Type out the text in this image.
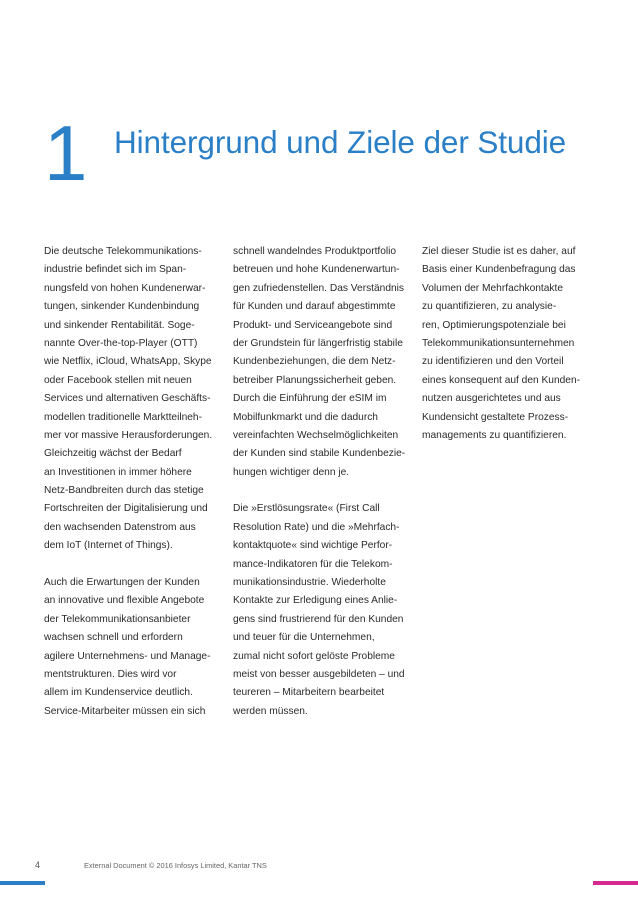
1 Hintergrund und Ziele der Studie
Die deutsche Telekommunikations-
industrie befindet sich im Span-
nungsfeld von hohen Kundenerwar-
tungen, sinkender Kundenbindung
und sinkender Rentabilität. Soge-
nannte Over-the-top-Player (OTT)
wie Netflix, iCloud, WhatsApp, Skype
oder Facebook stellen mit neuen
Services und alternativen Geschäfts-
modellen traditionelle Marktteilneh-
mer vor massive Herausforderungen.
Gleichzeitig wächst der Bedarf
an Investitionen in immer höhere
Netz-Bandbreiten durch das stetige
Fortschreiten der Digitalisierung und
den wachsenden Datenstrom aus
dem IoT (Internet of Things).
Auch die Erwartungen der Kunden
an innovative und flexible Angebote
der Telekommunikationsanbieter
wachsen schnell und erfordern
agilere Unternehmens- und Manage-
mentstrukturen. Dies wird vor
allem im Kundenservice deutlich.
Service-Mitarbeiter müssen ein sich
schnell wandelndes Produktportfolio
betreuen und hohe Kundenerwartun-
gen zufriedenstellen. Das Verständnis
für Kunden und darauf abgestimmte
Produkt- und Serviceangebote sind
der Grundstein für längerfristig stabile
Kundenbeziehungen, die dem Netz-
betreiber Planungssicherheit geben.
Durch die Einführung der eSIM im
Mobilfunkmarkt und die dadurch
vereinfachten Wechselmöglichkeiten
der Kunden sind stabile Kundenbezie-
hungen wichtiger denn je.
Die »Erstlösungsrate« (First Call
Resolution Rate) und die »Mehrfach-
kontaktquote« sind wichtige Perfor-
mance-Indikatoren für die Telekom-
munikationsindustrie. Wiederholte
Kontakte zur Erledigung eines Anlie-
gens sind frustrierend für den Kunden
und teuer für die Unternehmen,
zumal nicht sofort gelöste Probleme
meist von besser ausgebildeten – und
teureren – Mitarbeitern bearbeitet
werden müssen.
Ziel dieser Studie ist es daher, auf
Basis einer Kundenbefragung das
Volumen der Mehrfachkontakte
zu quantifizieren, zu analysie-
ren, Optimierungspotenziale bei
Telekommunikationsunternehmen
zu identifizieren und den Vorteil
eines konsequent auf den Kunden-
nutzen ausgerichtetes und aus
Kundensicht gestaltete Prozess-
managements zu quantifizieren.
4	External Document © 2016 Infosys Limited, Kantar TNS
